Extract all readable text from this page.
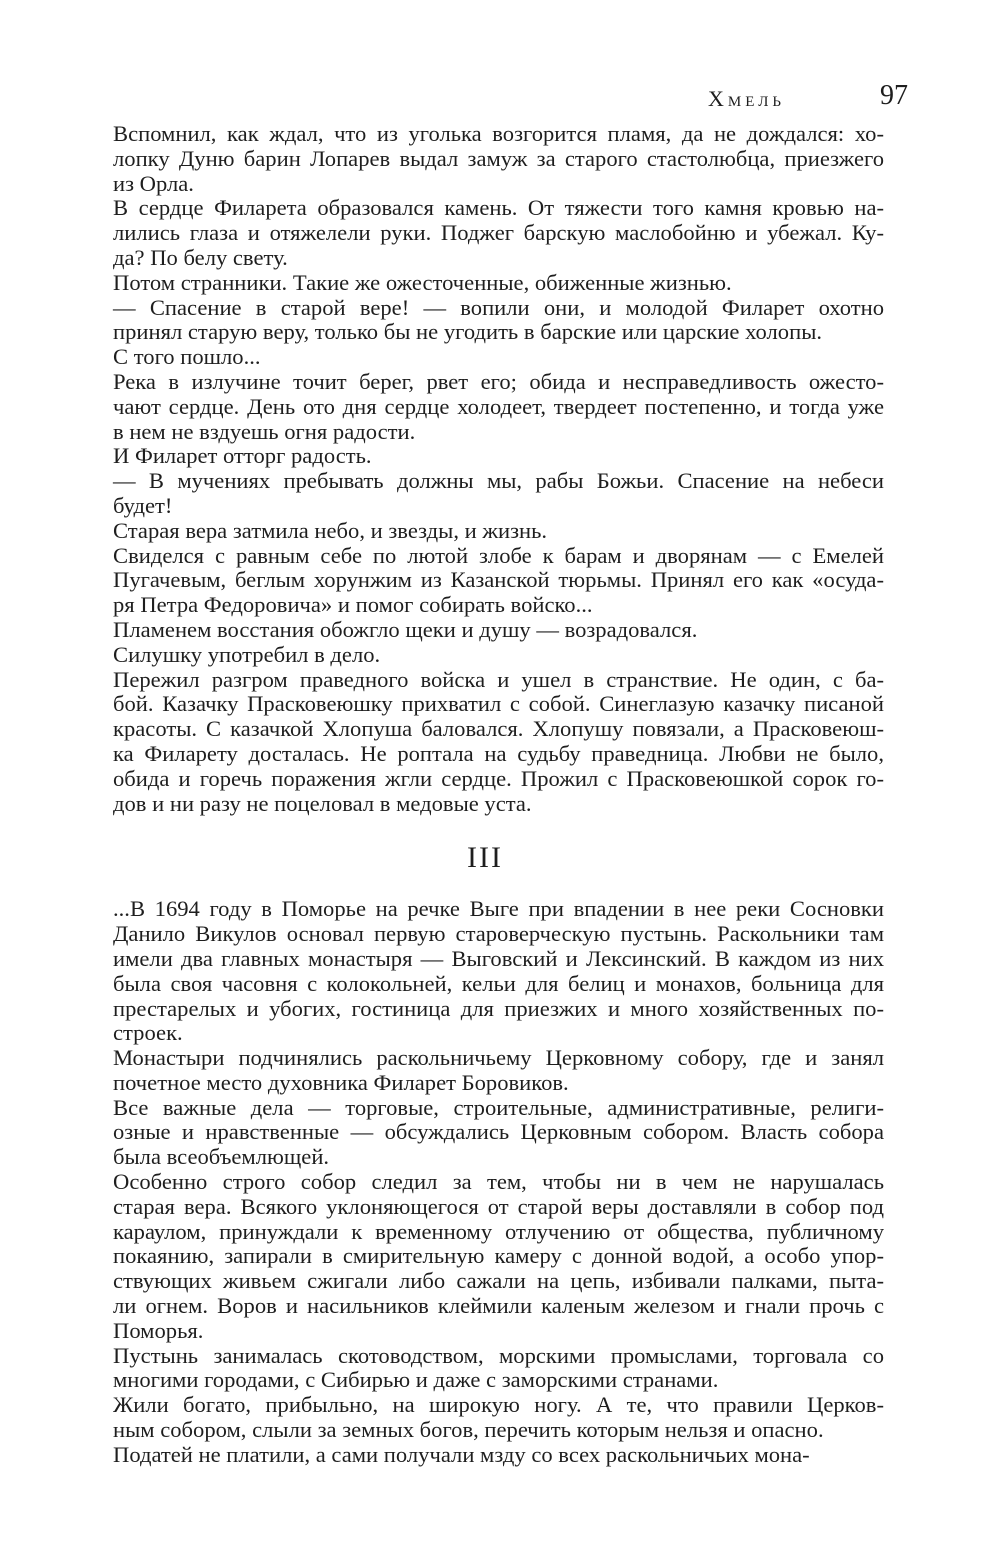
Хмель	97

Вспомнил, как ждал, что из уголька возгорится пламя, да не дождался: хо-
лопку Дуню барин Лопарев выдал замуж за старого стастолюбца, приезжего
из Орла.

В сердце Филарета образовался камень. От тяжести того камня кровью на-
лились глаза и отяжелели руки. Поджег барскую маслобойню и убежал. Ку-
да? По белу свету.

Потом странники. Такие же ожесточенные, обиженные жизнью.

— Спасение в старой вере! — вопили они, и молодой Филарет охотно
принял старую веру, только бы не угодить в барские или царские холопы.

С того пошло...

Река в излучине точит берег, рвет его; обида и несправедливость ожесто-
чают сердце. День ото дня сердце холодеет, твердеет постепенно, и тогда уже
в нем не вздуешь огня радости.

И Филарет отторг радость.

— В мучениях пребывать должны мы, рабы Божьи. Спасение на небеси
будет!

Старая вера затмила небо, и звезды, и жизнь.

Свиделся с равным себе по лютой злобе к барам и дворянам — с Емелей
Пугачевым, беглым хорунжим из Казанской тюрьмы. Принял его как «осуда-
ря Петра Федоровича» и помог собирать войско...

Пламенем восстания обожгло щеки и душу — возрадовался.

Силушку употребил в дело.

Пережил разгром праведного войска и ушел в странствие. Не один, с ба-
бой. Казачку Прасковеюшку прихватил с собой. Синеглазую казачку писаной
красоты. С казачкой Хлопуша баловался. Хлопушу повязали, а Прасковеюш-
ка Филарету досталась. Не роптала на судьбу праведница. Любви не было,
обида и горечь поражения жгли сердце. Прожил с Прасковеюшкой сорок го-
дов и ни разу не поцеловал в медовые уста.

III

...В 1694 году в Поморье на речке Выге при впадении в нее реки Сосновки
Данило Викулов основал первую староверческую пустынь. Раскольники там
имели два главных монастыря — Выговский и Лексинский. В каждом из них
была своя часовня с колокольней, кельи для белиц и монахов, больница для
престарелых и убогих, гостиница для приезжих и много хозяйственных по-
строек.

Монастыри подчинялись раскольничьему Церковному собору, где и занял
почетное место духовника Филарет Боровиков.

Все важные дела — торговые, строительные, административные, религи-
озные и нравственные — обсуждались Церковным собором. Власть собора
была всеобъемлющей.

Особенно строго собор следил за тем, чтобы ни в чем не нарушалась
старая вера. Всякого уклоняющегося от старой веры доставляли в собор под
караулом, принуждали к временному отлучению от общества, публичному
покаянию, запирали в смирительную камеру с донной водой, а особо упор-
ствующих живьем сжигали либо сажали на цепь, избивали палками, пыта-
ли огнем. Воров и насильников клеймили каленым железом и гнали прочь с
Поморья.

Пустынь занималась скотоводством, морскими промыслами, торговала со
многими городами, с Сибирью и даже с заморскими странами.

Жили богато, прибыльно, на широкую ногу. А те, что правили Церков-
ным собором, слыли за земных богов, перечить которым нельзя и опасно.

Податей не платили, а сами получали мзду со всех раскольничьих мона-
